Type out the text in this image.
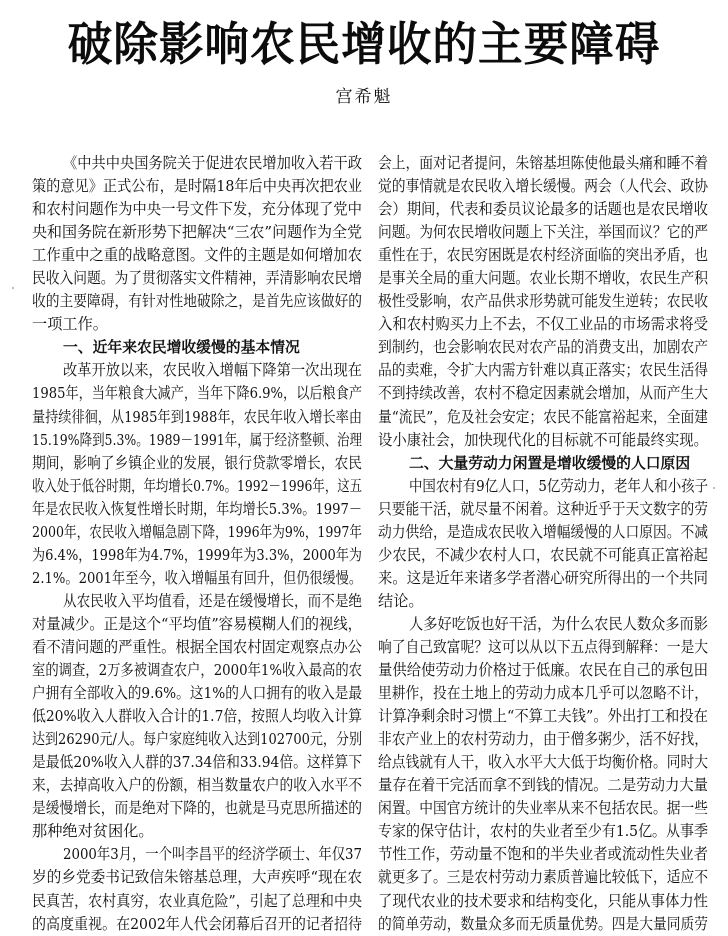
破除影响农民增收的主要障碍
宫希魁
《中共中央国务院关于促进农民增加收入若干政
策的意见》正式公布，是时隔18年后中央再次把农业
和农村问题作为中央一号文件下发，充分体现了党中
央和国务院在新形势下把解决“三农”问题作为全党
工作重中之重的战略意图。文件的主题是如何增加农
民收入问题。为了贯彻落实文件精神，弄清影响农民增
收的主要障碍，有针对性地破除之，是首先应该做好的
一项工作。
一、近年来农民增收缓慢的基本情况
改革开放以来，农民收入增幅下降第一次出现在
1985年，当年粮食大减产，当年下降6.9%，以后粮食产
量持续徘徊，从1985年到1988年，农民年收入增长率由
15.19%降到5.3%。1989－1991年，属于经济整顿、治理
期间，影响了乡镇企业的发展，银行贷款零增长，农民
收入处于低谷时期，年均增长0.7%。1992－1996年，这五
年是农民收入恢复性增长时期，年均增长5.3%。1997－
2000年，农民收入增幅急剧下降，1996年为9%，1997年
为6.4%，1998年为4.7%，1999年为3.3%，2000年为
2.1%。2001年至今，收入增幅虽有回升，但仍很缓慢。
从农民收入平均值看，还是在缓慢增长，而不是绝
对量减少。正是这个“平均值”容易模糊人们的视线，
看不清问题的严重性。根据全国农村固定观察点办公
室的调查，2万多被调查农户，2000年1%收入最高的农
户拥有全部收入的9.6%。这1%的人口拥有的收入是最
低20%收入人群收入合计的1.7倍，按照人均收入计算
达到26290元/人。每户家庭纯收入达到102700元，分别
是最低20%收入人群的37.34倍和33.94倍。这样算下
来，去掉高收入户的份额，相当数量农户的收入水平不
是缓慢增长，而是绝对下降的，也就是马克思所描述的
那种绝对贫困化。
2000年3月，一个叫李昌平的经济学硕士、年仅37
岁的乡党委书记致信朱镕基总理，大声疾呼“现在农
民真苦，农村真穷，农业真危险”，引起了总理和中央
的高度重视。在2002年人代会闭幕后召开的记者招待
会上，面对记者提问，朱镕基坦陈使他最头痛和睡不着
觉的事情就是农民收入增长缓慢。两会（人代会、政协
会）期间，代表和委员议论最多的话题也是农民增收
问题。为何农民增收问题上下关注，举国而议？它的严
重性在于，农民穷困既是农村经济面临的突出矛盾，也
是事关全局的重大问题。农业长期不增收，农民生产积
极性受影响，农产品供求形势就可能发生逆转；农民收
入和农村购买力上不去，不仅工业品的市场需求将受
到制约，也会影响农民对农产品的消费支出，加剧农产
品的卖难，令扩大内需方针难以真正落实；农民生活得
不到持续改善，农村不稳定因素就会增加，从而产生大
量“流民”，危及社会安定；农民不能富裕起来，全面建
设小康社会，加快现代化的目标就不可能最终实现。
二、大量劳动力闲置是增收缓慢的人口原因
中国农村有9亿人口，5亿劳动力，老年人和小孩子
只要能干活，就尽量不闲着。这种近乎于天文数字的劳
动力供给，是造成农民收入增幅缓慢的人口原因。不减
少农民，不减少农村人口，农民就不可能真正富裕起
来。这是近年来诸多学者潜心研究所得出的一个共同
结论。
人多好吃饭也好干活，为什么农民人数众多而影
响了自己致富呢？这可以从以下五点得到解释：一是大
量供给使劳动力价格过于低廉。农民在自己的承包田
里耕作，投在土地上的劳动力成本几乎可以忽略不计，
计算净剩余时习惯上“不算工夫钱”。外出打工和投在
非农产业上的农村劳动力，由于僧多粥少，活不好找，
给点钱就有人干，收入水平大大低于均衡价格。同时大
量存在着干完活而拿不到钱的情况。二是劳动力大量
闲置。中国官方统计的失业率从来不包括农民。据一些
专家的保守估计，农村的失业者至少有1.5亿。从事季
节性工作，劳动量不饱和的半失业者或流动性失业者
就更多了。三是农村劳动力素质普遍比较低下，适应不
了现代农业的技术要求和结构变化，只能从事体力性
的简单劳动，数量众多而无质量优势。四是大量同质劳
